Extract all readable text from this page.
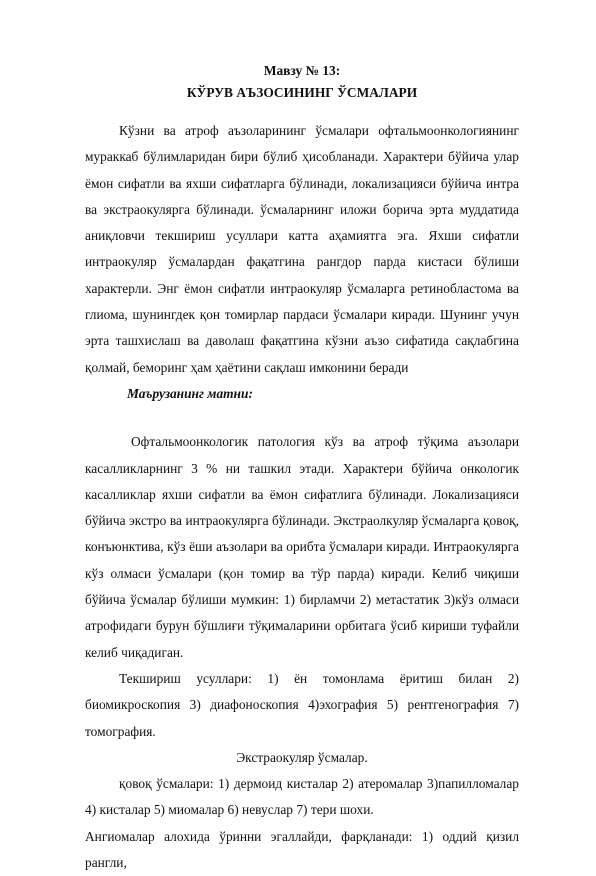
Мавзу № 13:

КЎРУВ АЪЗОСИНИНГ ЎСМАЛАРИ

Кўзни ва атроф аъзоларининг ўсмалари офтальмоонкологиянинг мураккаб бўлимларидан бири бўлиб ҳисобланади. Характери бўйича улар ёмон сифатли ва яхши сифатларга бўлинади, локализацияси бўйича интра ва экстраокулярга бўлинади. ўсмаларнинг иложи борича эрта муддатида аниқловчи текшириш усуллари катта аҳамиятга эга. Яхши сифатли интраокуляр ўсмалардан фақатгина рангдор парда кистаси бўлиши характерли. Энг ёмон сифатли интраокуляр ўсмаларга ретинобластома ва глиома, шунингдек қон томирлар пардаси ўсмалари киради. Шунинг учун эрта ташхислаш ва даволаш фақатгина кўзни аъзо сифатида сақлабгина қолмай, беморинг ҳам ҳаётини сақлаш имконини беради

Маърузанинг матни:

Офтальмоонкологик патология кўз ва атроф тўқима аъзолари касалликларнинг 3 % ни ташкил этади. Характери бўйича онкологик касалликлар яхши сифатли ва ёмон сифатлига бўлинади. Локализацияси бўйича экстро ва интраокулярга бўлинади. Экстраолкуляр ўсмаларга қовоқ, конъюнктива, кўз ёши аъзолари ва орибта ўсмалари киради. Интраокулярга кўз олмаси ўсмалари (қон томир ва тўр парда) киради. Келиб чиқиши бўйича ўсмалар бўлиши мумкин: 1) бирламчи 2) метастатик 3)кўз олмаси атрофидаги бурун бўшлиғи тўқималарини орбитага ўсиб кириши туфайли келиб чиқадиган.

Текшириш усуллари: 1) ён томонлама ёритиш билан 2) биомикроскопия 3) диафоноскопия 4)эхография 5) рентгенография 7) томография.

Экстраокуляр ўсмалар.

қовоқ ўсмалари: 1) дермоид кисталар 2) атеромалар 3)папилломалар 4) кисталар 5) миомалар 6) невуслар 7) тери шохи.

Ангиомалар алохида ўринни эгаллайди, фарқланади: 1) оддий қизил рангли,
